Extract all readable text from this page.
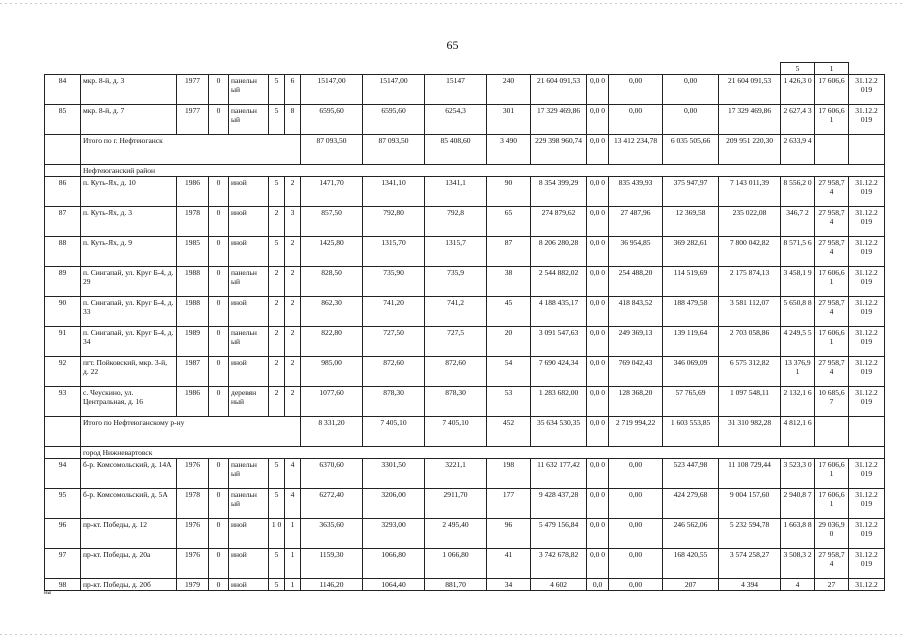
65
																5	1	
84	мкр. 8-й, д. 3	1977	0	панельн ый	5	6	15147,00	15147,00	15147	240	21 604 091,53	0,0 0	0,00	0,00	21 604 091,53	1 426,3 0	17 606,6	31.12.2 019
85	мкр. 8-й, д. 7	1977	0	панельн ый	5	8	6595,60	6595,60	6254,3	301	17 329 469,86	0,0 0	0,00	0,00	17 329 469,86	2 627,4 3	17 606,6 1	31.12.2 019
	Итого по г. Нефтеюганск						87 093,50	87 093,50	85 408,60	3 490	229 398 960,74	0,0 0	13 412 234,78	6 035 505,66	209 951 220,30	2 633,9 4		
	Нефтеюганский район																	
86	п. Куть-Ях, д. 10	1986	0	иной	5	2	1471,70	1341,10	1341,1	90	8 354 399,29	0,0 0	835 439,93	375 947,97	7 143 011,39	8 556,2 0	27 958,7 4	31.12.2 019
87	п. Куть-Ях, д. 3	1978	0	иной	2	3	857,50	792,80	792,8	65	274 879,62	0,0 0	27 487,96	12 369,58	235 022,08	346,7 2	27 958,7 4	31.12.2 019
88	п. Куть-Ях, д. 9	1985	0	иной	5	2	1425,80	1315,70	1315,7	87	8 206 280,28	0,0 0	36 954,85	369 282,61	7 800 042,82	8 571,5 6	27 958,7 4	31.12.2 019
89	п. Сингапай, ул. Круг Б-4, д. 29	1988	0	панельн ый	2	2	828,50	735,90	735,9	38	2 544 882,02	0,0 0	254 488,20	114 519,69	2 175 874,13	3 458,1 9	17 606,6 1	31.12.2 019
90	п. Сингапай, ул. Круг Б-4, д. 33	1988	0	иной	2	2	862,30	741,20	741,2	45	4 188 435,17	0,0 0	418 843,52	188 479,58	3 581 112,07	5 650,8 8	27 958,7 4	31.12.2 019
91	п. Сингапай, ул. Круг Б-4, д. 34	1989	0	панельн ый	2	2	822,80	727,50	727,5	20	3 091 547,63	0,0 0	249 369,13	139 119,64	2 703 058,86	4 249,5 5	17 606,6 1	31.12.2 019
92	пгт. Пойковский, мкр. 3-й, д. 22	1987	0	иной	2	2	985,00	872,60	872,60	54	7 690 424,34	0,0 0	769 042,43	346 069,09	6 575 312,82	13 376,9 1	27 958,7 4	31.12.2 019
93	с. Чеускино, ул. Центральная, д. 16	1986	0	деревян ный	2	2	1077,60	878,30	878,30	53	1 283 682,00	0,0 0	128 368,20	57 765,69	1 097 548,11	2 132,1 6	10 685,6 7	31.12.2 019
	Итого по Нефтеюганскому р-ну						8 331,20	7 405,10	7 405,10	452	35 634 530,35	0,0 0	2 719 994,22	1 603 553,85	31 310 982,28	4 812,1 6		
	город Нижневартовск																	
94	б-р. Комсомольский, д. 14А	1976	0	панельн ый	5	4	6370,60	3301,50	3221,1	198	11 632 177,42	0,0 0	0,00	523 447,98	11 108 729,44	3 523,3 0	17 606,6 1	31.12.2 019
95	б-р. Комсомольский, д. 5А	1978	0	панельн ый	5	4	6272,40	3206,00	2911,70	177	9 428 437,28	0,0 0	0,00	424 279,68	9 004 157,60	2 940,8 7	17 606,6 1	31.12.2 019
96	пр-кт. Победы, д. 12	1976	0	иной	1 0	1	3635,60	3293,00	2 495,40	96	5 479 156,84	0,0 0	0,00	246 562,06	5 232 594,78	1 663,8 8	29 036,9 0	31.12.2 019
97	пр-кт. Победы, д. 20а	1976	0	иной	5	1	1159,30	1066,80	1 066,80	41	3 742 678,82	0,0 0	0,00	168 420,55	3 574 258,27	3 508,3 2	27 958,7 4	31.12.2 019
98	пр-кт. Победы, д. 20б	1979	0	иной	5	1	1146,20	1064,40	881,70	34	4 602	0,0	0,00	207	4 394	4	27	31.12.2
на
